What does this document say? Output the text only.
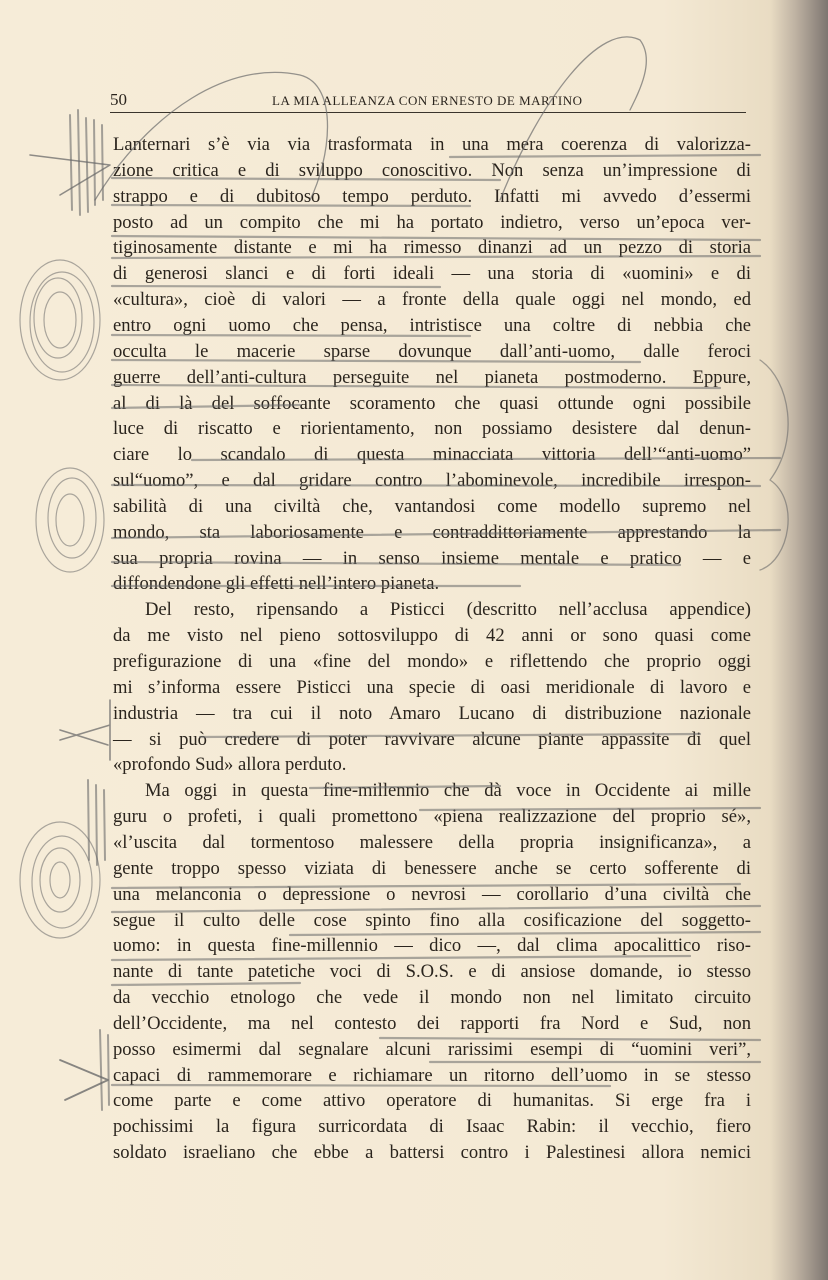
50	LA MIA ALLEANZA CON ERNESTO DE MARTINO
Lanternari s’è via via trasformata in una mera coerenza di valorizza-
zione critica e di sviluppo conoscitivo. Non senza un’impressione di
strappo e di dubitoso tempo perduto. Infatti mi avvedo d’essermi
posto ad un compito che mi ha portato indietro, verso un’epoca ver-
tiginosamente distante e mi ha rimesso dinanzi ad un pezzo di storia
di generosi slanci e di forti ideali — una storia di «uomini» e di
«cultura», cioè di valori — a fronte della quale oggi nel mondo, ed
entro ogni uomo che pensa, intristisce una coltre di nebbia che
occulta le macerie sparse dovunque dall’anti-uomo, dalle feroci
guerre dell’anti-cultura perseguite nel pianeta postmoderno. Eppure,
al di là del soffocante scoramento che quasi ottunde ogni possibile
luce di riscatto e riorientamento, non possiamo desistere dal denun-
ciare lo scandalo di questa minacciata vittoria dell’“anti-uomo”
sul“uomo”, e dal gridare contro l’abominevole, incredibile irrespon-
sabilità di una civiltà che, vantandosi come modello supremo nel
mondo, sta laboriosamente e contraddittoriamente apprestando la
sua propria rovina — in senso insieme mentale e pratico — e
diffondendone gli effetti nell’intero pianeta.
Del resto, ripensando a Pisticci (descritto nell’acclusa appendice)
da me visto nel pieno sottosviluppo di 42 anni or sono quasi come
prefigurazione di una «fine del mondo» e riflettendo che proprio oggi
mi s’informa essere Pisticci una specie di oasi meridionale di lavoro e
industria — tra cui il noto Amaro Lucano di distribuzione nazionale
— si può credere di poter ravvivare alcune piante appassite di quel
«profondo Sud» allora perduto.
Ma oggi in questa fine-millennio che dà voce in Occidente ai mille
guru o profeti, i quali promettono «piena realizzazione del proprio sé»,
«l’uscita dal tormentoso malessere della propria insignificanza», a
gente troppo spesso viziata di benessere anche se certo sofferente di
una melanconia o depressione o nevrosi — corollario d’una civiltà che
segue il culto delle cose spinto fino alla cosificazione del soggetto-
uomo: in questa fine-millennio — dico —, dal clima apocalittico riso-
nante di tante patetiche voci di S.O.S. e di ansiose domande, io stesso
da vecchio etnologo che vede il mondo non nel limitato circuito
dell’Occidente, ma nel contesto dei rapporti fra Nord e Sud, non
posso esimermi dal segnalare alcuni rarissimi esempi di “uomini veri”,
capaci di rammemorare e richiamare un ritorno dell’uomo in se stesso
come parte e come attivo operatore di humanitas. Si erge fra i
pochissimi la figura surricordata di Isaac Rabin: il vecchio, fiero
soldato israeliano che ebbe a battersi contro i Palestinesi allora nemici
